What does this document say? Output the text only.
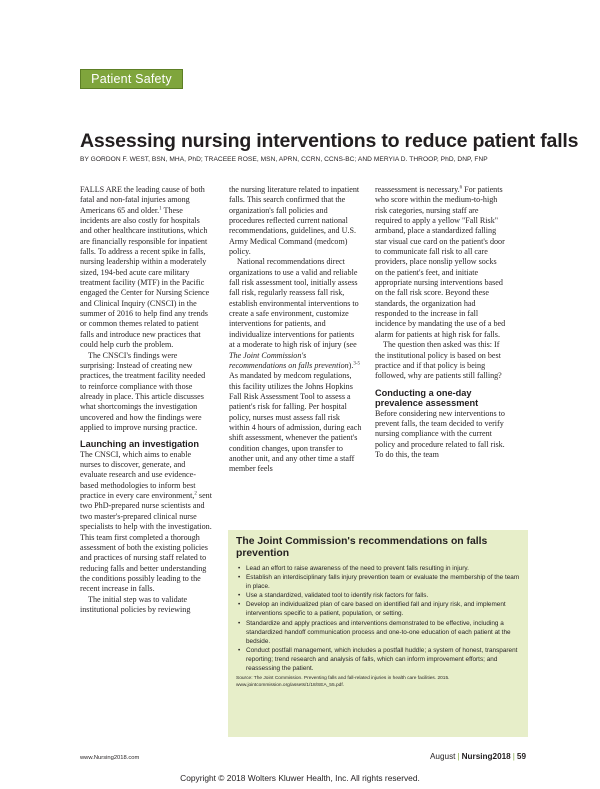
Patient Safety
Assessing nursing interventions to reduce patient falls
BY GORDON F. WEST, BSN, MHA, PhD; TRACEEE ROSE, MSN, APRN, CCRN, CCNS-BC; AND MERYIA D. THROOP, PhD, DNP, FNP

FALLS ARE the leading cause of both fatal and non-fatal injuries among Americans 65 and older.$^1$ These incidents are also costly for hospitals and other healthcare institutions, which are financially responsible for inpatient falls. To address a recent spike in falls, nursing leadership within a moderately sized, 194-bed acute care military treatment facility (MTF) in the Pacific engaged the Center for Nursing Science and Clinical Inquiry (CNSCI) in the summer of 2016 to help find any trends or common themes related to patient falls and introduce new practices that could help curb the problem.

The CNSCI's findings were surprising: Instead of creating new practices, the treatment facility needed to reinforce compliance with those already in place. This article discusses what shortcomings the investigation uncovered and how the findings were applied to improve nursing practice.

Launching an investigation

The CNSCI, which aims to enable nurses to discover, generate, and evaluate research and use evidence-based methodologies to inform best practice in every care environment,$^2$ sent two PhD-prepared nurse scientists and two master's-prepared clinical nurse specialists to help with the investigation. This team first completed a thorough assessment of both the existing policies and practices of nursing staff related to reducing falls and better understanding the conditions possibly leading to the recent increase in falls.

The initial step was to validate institutional policies by reviewing

the nursing literature related to inpatient falls. This search confirmed that the organization's fall policies and procedures reflected current national recommendations, guidelines, and U.S. Army Medical Command (medcom) policy.

National recommendations direct organizations to use a valid and reliable fall risk assessment tool, initially assess fall risk, regularly reassess fall risk, establish environmental interventions to create a safe environment, customize interventions for patients, and individualize interventions for patients at a moderate to high risk of injury (see The Joint Commission's recommendations on falls prevention).$^{3-5}$ As mandated by medcom regulations, this facility utilizes the Johns Hopkins Fall Risk Assessment Tool to assess a patient's risk for falling. Per hospital policy, nurses must assess fall risk within 4 hours of admission, during each shift assessment, whenever the patient's condition changes, upon transfer to another unit, and any other time a staff member feels

reassessment is necessary.$^6$ For patients who score within the medium-to-high risk categories, nursing staff are required to apply a yellow "Fall Risk" armband, place a standardized falling star visual cue card on the patient's door to communicate fall risk to all care providers, place nonslip yellow socks on the patient's feet, and initiate appropriate nursing interventions based on the fall risk score. Beyond these standards, the organization had responded to the increase in fall incidence by mandating the use of a bed alarm for patients at high risk for falls.

The question then asked was this: If the institutional policy is based on best practice and if that policy is being followed, why are patients still falling?

Conducting a one-day prevalence assessment

Before considering new interventions to prevent falls, the team decided to verify nursing compliance with the current policy and procedure related to fall risk. To do this, the team

The Joint Commission's recommendations on falls prevention
• Lead an effort to raise awareness of the need to prevent falls resulting in injury.
• Establish an interdisciplinary falls injury prevention team or evaluate the membership of the team in place.
• Use a standardized, validated tool to identify risk factors for falls.
• Develop an individualized plan of care based on identified fall and injury risk, and implement interventions specific to a patient, population, or setting.
• Standardize and apply practices and interventions demonstrated to be effective, including a standardized handoff communication process and one-to-one education of each patient at the bedside.
• Conduct postfall management, which includes a postfall huddle; a system of honest, transparent reporting; trend research and analysis of falls, which can inform improvement efforts; and reassessing the patient.

Source: The Joint Commission. Preventing falls and fall-related injuries in health care facilities. 2015. www.jointcommission.org/assets/1/18/SEA_55.pdf.

www.Nursing2018.com	August | Nursing2018 | 59
Copyright © 2018 Wolters Kluwer Health, Inc. All rights reserved.
